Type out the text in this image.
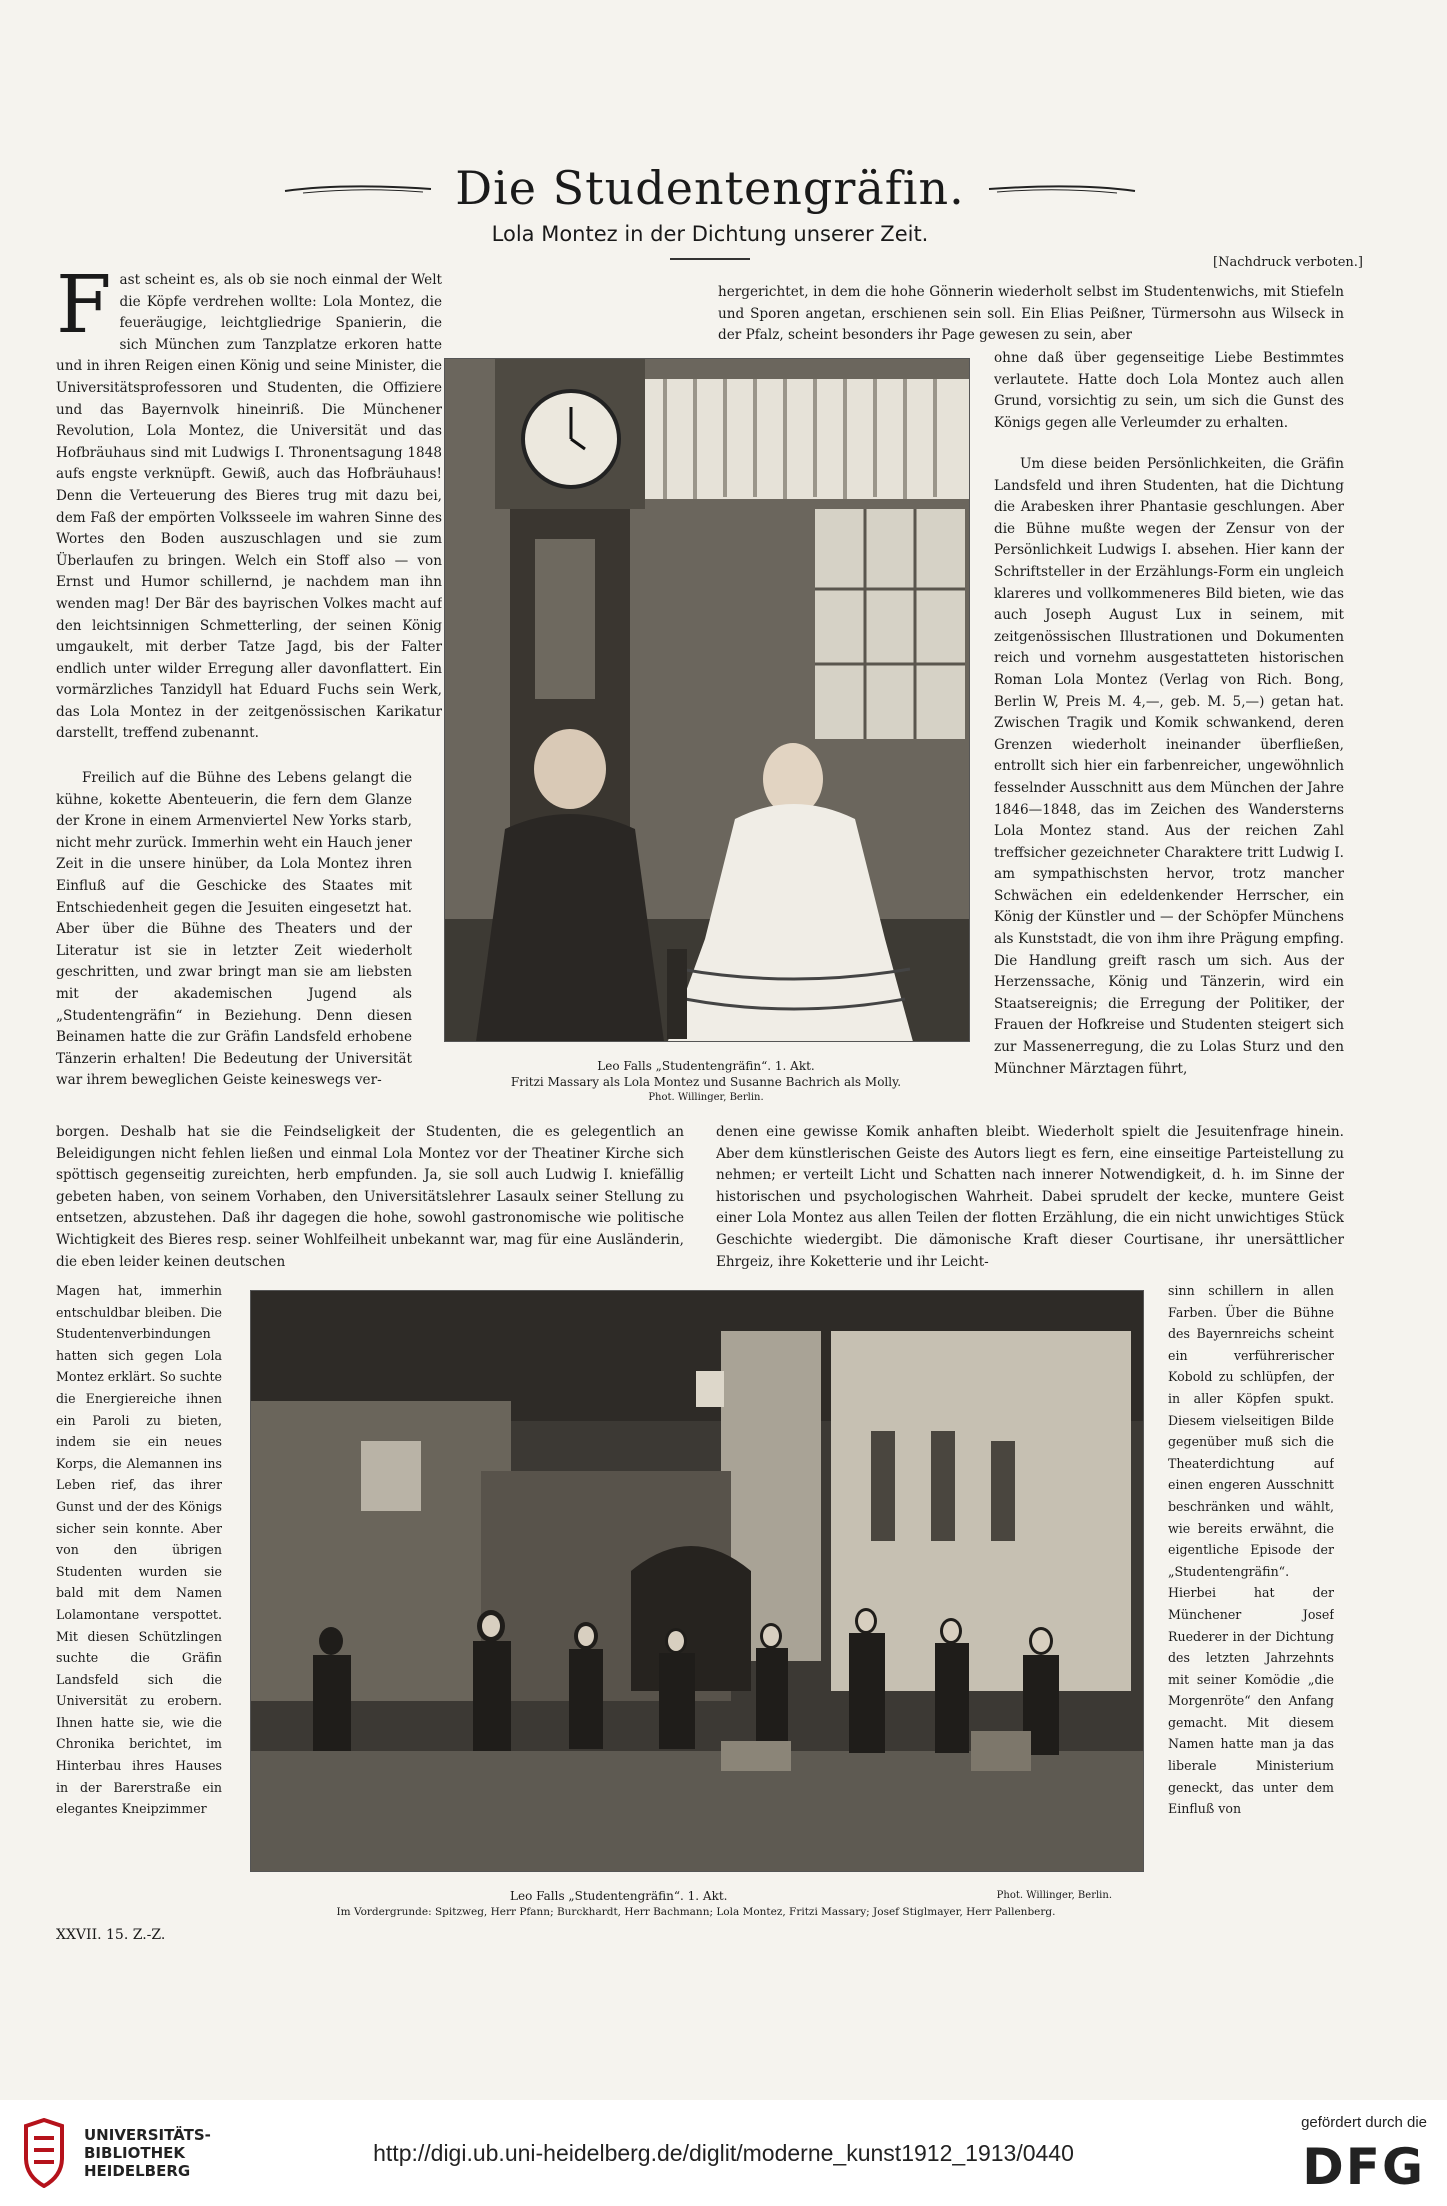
Die Studentengräfin.
Lola Montez in der Dichtung unserer Zeit.
[Nachdruck verboten.]
F ast scheint es, als ob sie noch einmal der Welt die Köpfe verdrehen wollte: Lola Montez, die feueräugige, leichtgliedrige Spanierin, die sich München zum Tanzplatze erkoren hatte und in ihren Reigen einen König und seine Minister, die Universitätsprofessoren und Studenten, die Offiziere und das Bayernvolk hineinriß. Die Münchener Revolution, Lola Montez, die Universität und das Hofbräuhaus sind mit Ludwigs I. Thronentsagung 1848 aufs engste verknüpft. Gewiß, auch das Hofbräuhaus! Denn die Verteuerung des Bieres trug mit dazu bei, dem Faß der empörten Volksseele im wahren Sinne des Wortes den Boden auszuschlagen und sie zum Überlaufen zu bringen. Welch ein Stoff also — von Ernst und Humor schillernd, je nachdem man ihn wenden mag! Der Bär des bayrischen Volkes macht auf den leichtsinnigen Schmetterling, der seinen König umgaukelt, mit derber Tatze Jagd, bis der Falter endlich unter wilder Erregung aller davonflattert. Ein vormärzliches Tanzidyll hat Eduard Fuchs sein Werk, das Lola Montez in der zeitgenössischen Karikatur darstellt, treffend zubenannt.

Freilich auf die Bühne des Lebens gelangt die kühne, kokette Abenteuerin, die fern dem Glanze der Krone in einem Armenviertel New Yorks starb, nicht mehr zurück. Immerhin weht ein Hauch jener Zeit in die unsere hinüber, da Lola Montez ihren Einfluß auf die Geschicke des Staates mit Entschiedenheit gegen die Jesuiten eingesetzt hat. Aber über die Bühne des Theaters und der Literatur ist sie in letzter Zeit wiederholt geschritten, und zwar bringt man sie am liebsten mit der akademischen Jugend als „Studentengräfin“ in Beziehung. Denn diesen Beinamen hatte die zur Gräfin Landsfeld erhobene Tänzerin erhalten! Die Bedeutung der Universität war ihrem beweglichen Geiste keineswegs ver-

Leo Falls „Studentengräfin“. 1. Akt.
Fritzi Massary als Lola Montez und Susanne Bachrich als Molly.
Phot. Willinger, Berlin.

hergerichtet, in dem die hohe Gönnerin wiederholt selbst im Studentenwichs, mit Stiefeln und Sporen angetan, erschienen sein soll. Ein Elias Peißner, Türmersohn aus Wilseck in der Pfalz, scheint besonders ihr Page gewesen zu sein, aber

ohne daß über gegenseitige Liebe Bestimmtes verlautete. Hatte doch Lola Montez auch allen Grund, vorsichtig zu sein, um sich die Gunst des Königs gegen alle Verleumder zu erhalten.

Um diese beiden Persönlichkeiten, die Gräfin Landsfeld und ihren Studenten, hat die Dichtung die Arabesken ihrer Phantasie geschlungen. Aber die Bühne mußte wegen der Zensur von der Persönlichkeit Ludwigs I. absehen. Hier kann der Schriftsteller in der Erzählungs-Form ein ungleich klareres und vollkommeneres Bild bieten, wie das auch Joseph August Lux in seinem, mit zeitgenössischen Illustrationen und Dokumenten reich und vornehm ausgestatteten historischen Roman Lola Montez (Verlag von Rich. Bong, Berlin W, Preis M. 4,—, geb. M. 5,—) getan hat. Zwischen Tragik und Komik schwankend, deren Grenzen wiederholt ineinander überfließen, entrollt sich hier ein farbenreicher, ungewöhnlich fesselnder Ausschnitt aus dem München der Jahre 1846—1848, das im Zeichen des Wandersterns Lola Montez stand. Aus der reichen Zahl treffsicher gezeichneter Charaktere tritt Ludwig I. am sympathischsten hervor, trotz mancher Schwächen ein edeldenkender Herrscher, ein König der Künstler und — der Schöpfer Münchens als Kunststadt, die von ihm ihre Prägung empfing. Die Handlung greift rasch um sich. Aus der Herzenssache, König und Tänzerin, wird ein Staatsereignis; die Erregung der Politiker, der Frauen der Hofkreise und Studenten steigert sich zur Massenerregung, die zu Lolas Sturz und den Münchner Märztagen führt,

borgen. Deshalb hat sie die Feindseligkeit der Studenten, die es gelegentlich an Beleidigungen nicht fehlen ließen und einmal Lola Montez vor der Theatiner Kirche sich spöttisch gegenseitig zureichten, herb empfunden. Ja, sie soll auch Ludwig I. kniefällig gebeten haben, von seinem Vorhaben, den Universitätslehrer Lasaulx seiner Stellung zu entsetzen, abzustehen. Daß ihr dagegen die hohe, sowohl gastronomische wie politische Wichtigkeit des Bieres resp. seiner Wohlfeilheit unbekannt war, mag für eine Ausländerin, die eben leider keinen deutschen

denen eine gewisse Komik anhaften bleibt. Wiederholt spielt die Jesuitenfrage hinein. Aber dem künstlerischen Geiste des Autors liegt es fern, eine einseitige Parteistellung zu nehmen; er verteilt Licht und Schatten nach innerer Notwendigkeit, d. h. im Sinne der historischen und psychologischen Wahrheit. Dabei sprudelt der kecke, muntere Geist einer Lola Montez aus allen Teilen der flotten Erzählung, die ein nicht unwichtiges Stück Geschichte wiedergibt. Die dämonische Kraft dieser Courtisane, ihr unersättlicher Ehrgeiz, ihre Koketterie und ihr Leicht-

Magen hat, immerhin entschuldbar bleiben. Die Studentenverbindungen hatten sich gegen Lola Montez erklärt. So suchte die Energiereiche ihnen ein Paroli zu bieten, indem sie ein neues Korps, die Alemannen ins Leben rief, das ihrer Gunst und der des Königs sicher sein konnte. Aber von den übrigen Studenten wurden sie bald mit dem Namen Lolamontane verspottet. Mit diesen Schützlingen suchte die Gräfin Landsfeld sich die Universität zu erobern. Ihnen hatte sie, wie die Chronika berichtet, im Hinterbau ihres Hauses in der Barerstraße ein elegantes Kneipzimmer

Leo Falls „Studentengräfin“. 1. Akt.	Phot. Willinger, Berlin.
Im Vordergrunde: Spitzweg, Herr Pfann; Burckhardt, Herr Bachmann; Lola Montez, Fritzi Massary; Josef Stiglmayer, Herr Pallenberg.

sinn schillern in allen Farben. Über die Bühne des Bayernreichs scheint ein verführerischer Kobold zu schlüpfen, der in aller Köpfen spukt. Diesem vielseitigen Bilde gegenüber muß sich die Theaterdichtung auf einen engeren Ausschnitt beschränken und wählt, wie bereits erwähnt, die eigentliche Episode der „Studentengräfin“. Hierbei hat der Münchener Josef Ruederer in der Dichtung des letzten Jahrzehnts mit seiner Komödie „die Morgenröte“ den Anfang gemacht. Mit diesem Namen hatte man ja das liberale Ministerium geneckt, das unter dem Einfluß von

XXVII. 15. Z.-Z.
UNIVERSITÄTS-
BIBLIOTHEK
HEIDELBERG
http://digi.ub.uni-heidelberg.de/diglit/moderne_kunst1912_1913/0440
gefördert durch die
DFG
